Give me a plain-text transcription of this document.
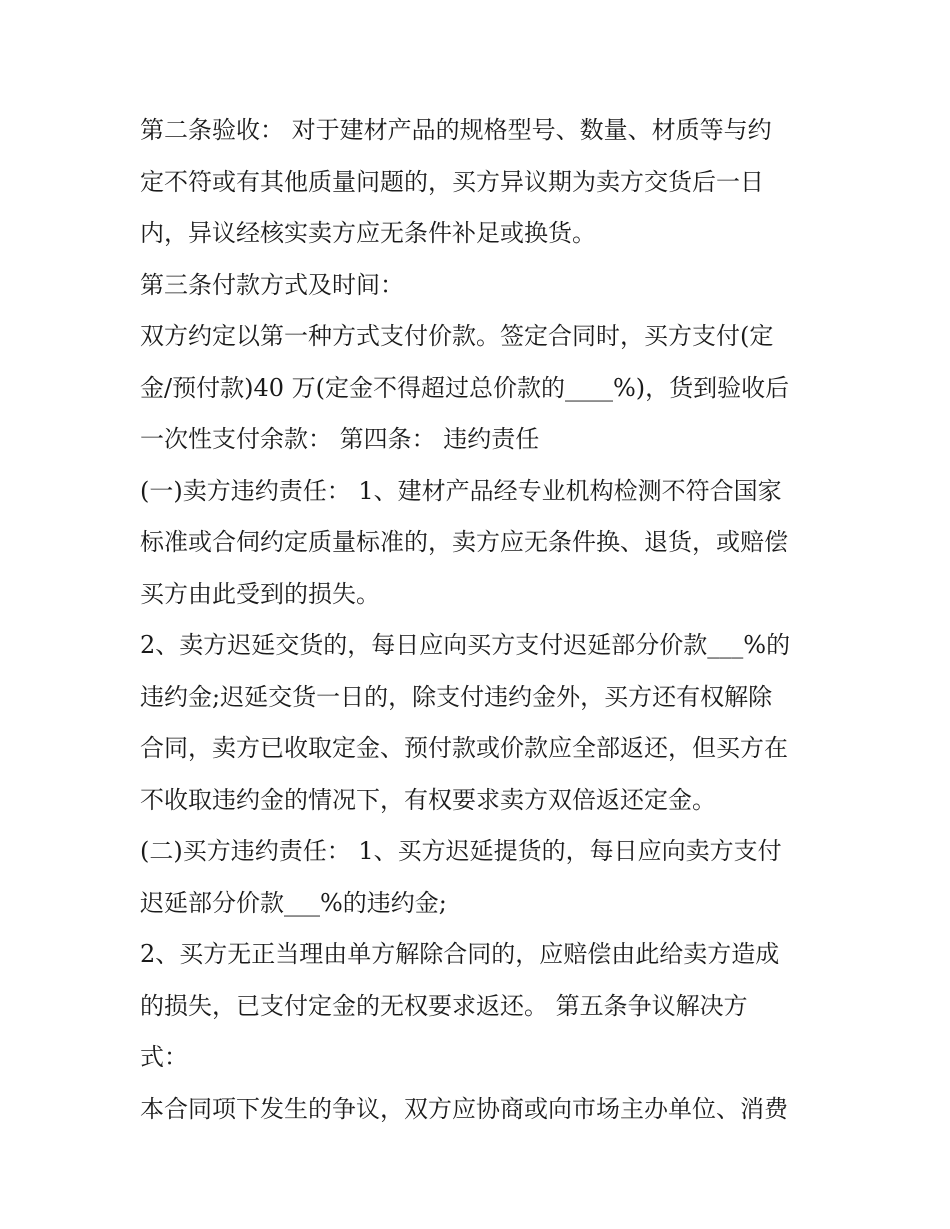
第二条验收： 对于建材产品的规格型号、数量、材质等与约
定不符或有其他质量问题的，买方异议期为卖方交货后一日
内，异议经核实卖方应无条件补足或换货。
第三条付款方式及时间：
双方约定以第一种方式支付价款。签定合同时，买方支付(定
金/预付款)40 万(定金不得超过总价款的____%)，货到验收后
一次性支付余款： 第四条： 违约责任
(一)卖方违约责任： 1、建材产品经专业机构检测不符合国家
标准或合伺约定质量标准的，卖方应无条件换、退货，或赔偿
买方由此受到的损失。
2、卖方迟延交货的，每日应向买方支付迟延部分价款___%的
违约金;迟延交货一日的，除支付违约金外，买方还有权解除
合同，卖方已收取定金、预付款或价款应全部返还，但买方在
不收取违约金的情况下，有权要求卖方双倍返还定金。
(二)买方违约责任： 1、买方迟延提货的，每日应向卖方支付
迟延部分价款___%的违约金;
2、买方无正当理由单方解除合同的，应赔偿由此给卖方造成
的损失，已支付定金的无权要求返还。 第五条争议解决方
式：
本合同项下发生的争议，双方应协商或向市场主办单位、消费
